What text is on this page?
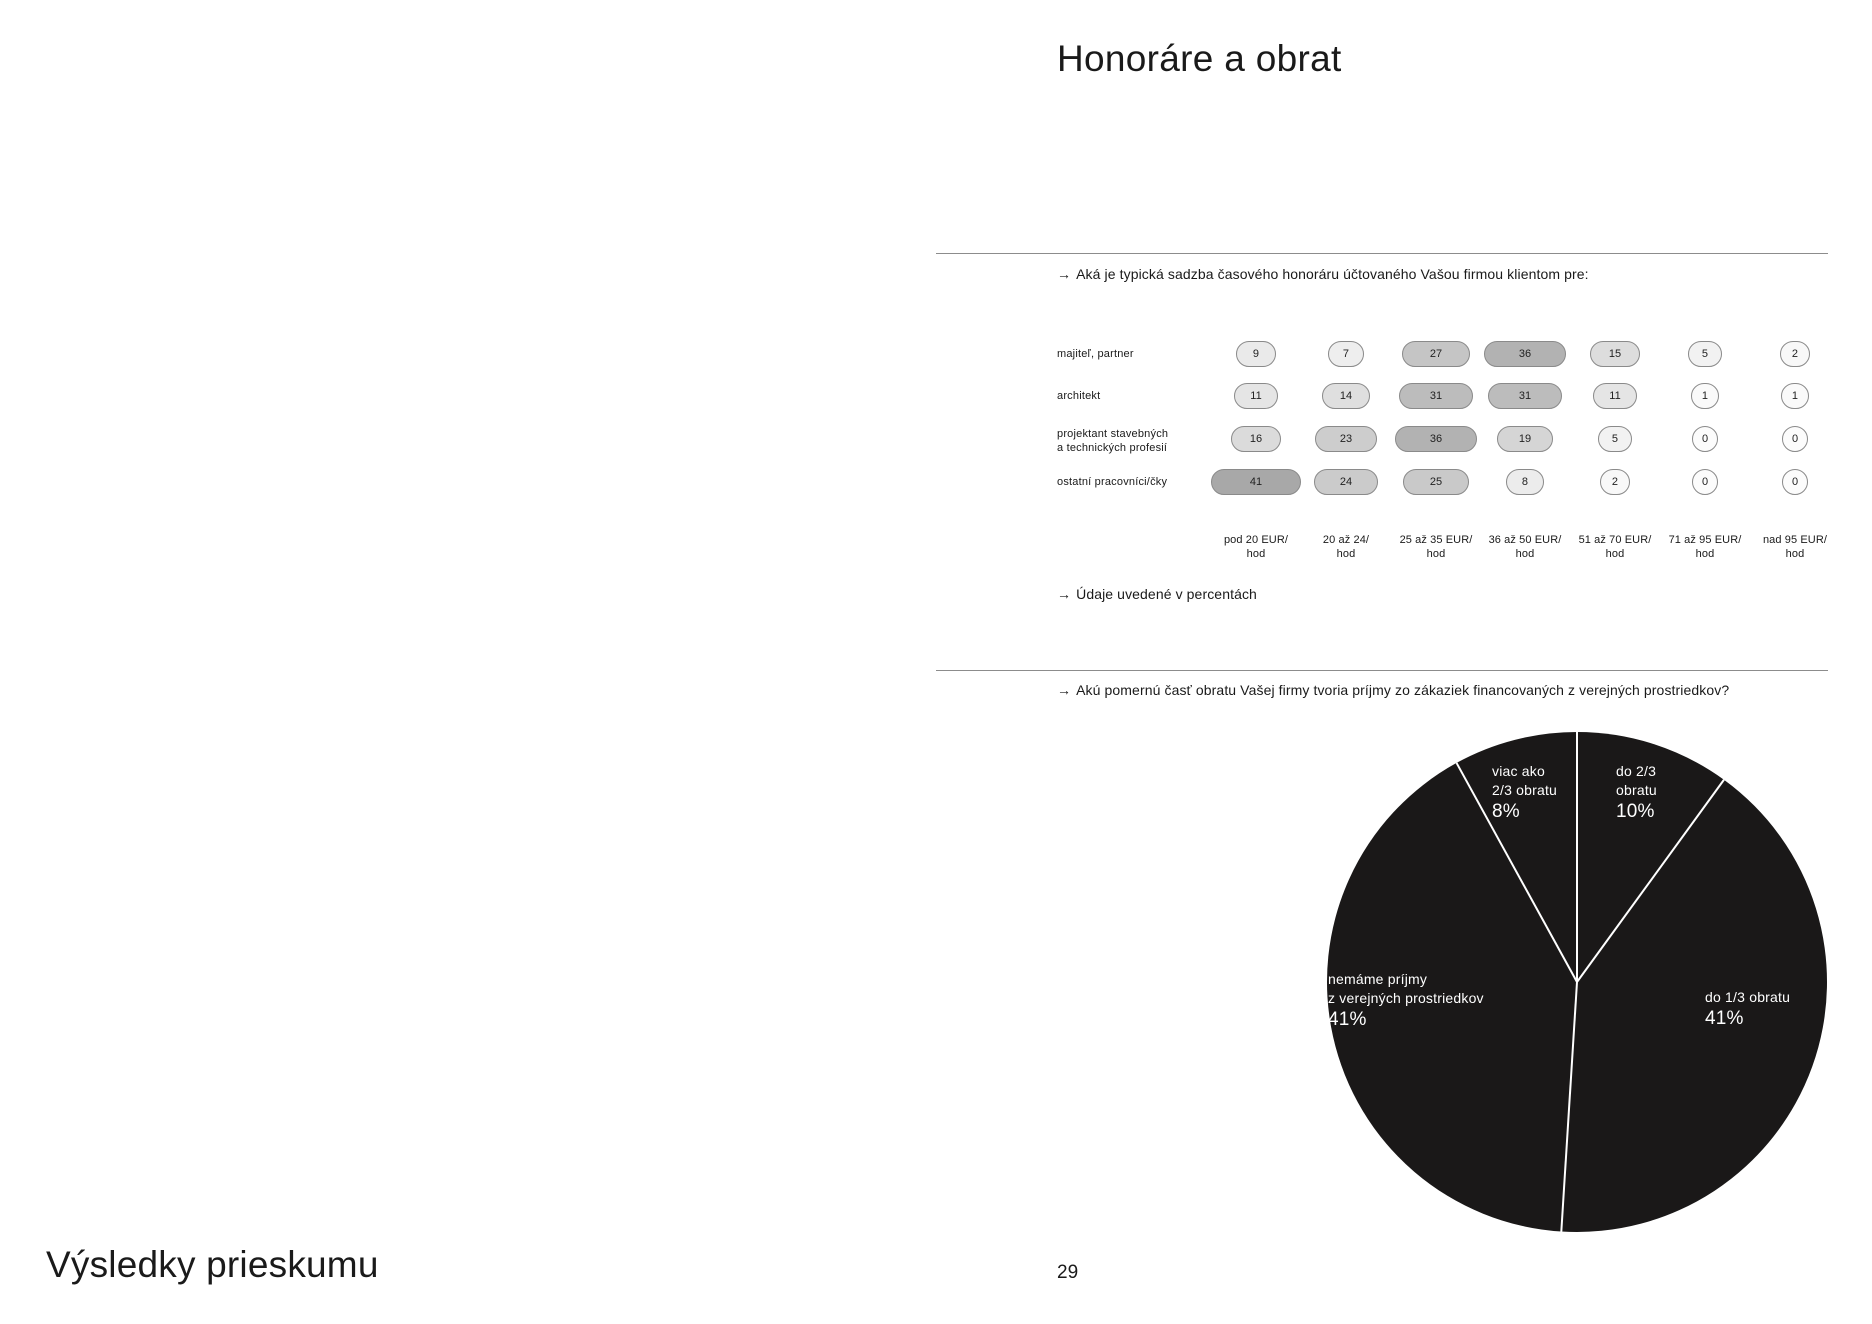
Výsledky prieskumu
Honoráre a obrat
→ Aká je typická sadzba časového honoráru účtovaného Vašou firmou klientom pre:
majiteľ, partner	9	7	27	36	15	5	2
architekt	11	14	31	31	11	1	1
projektant stavebných
a technických profesií
16	23	36	19	5	0	0
ostatní pracovníci/čky	41	24	25	8	2	0	0
pod 20 EUR/
hod
20 až 24/
hod
25 až 35 EUR/
hod
36 až 50 EUR/
hod
51 až 70 EUR/
hod
71 až 95 EUR/
hod
nad 95 EUR/
hod
→ Údaje uvedené v percentách
→ Akú pomernú časť obratu Vašej firmy tvoria príjmy zo zákaziek financovaných z verejných prostriedkov?
do 2/3
obratu
10%
do 1/3 obratu
41%
nemáme príjmy
z verejných prostriedkov
41%
viac ako
2/3 obratu
8%
29
